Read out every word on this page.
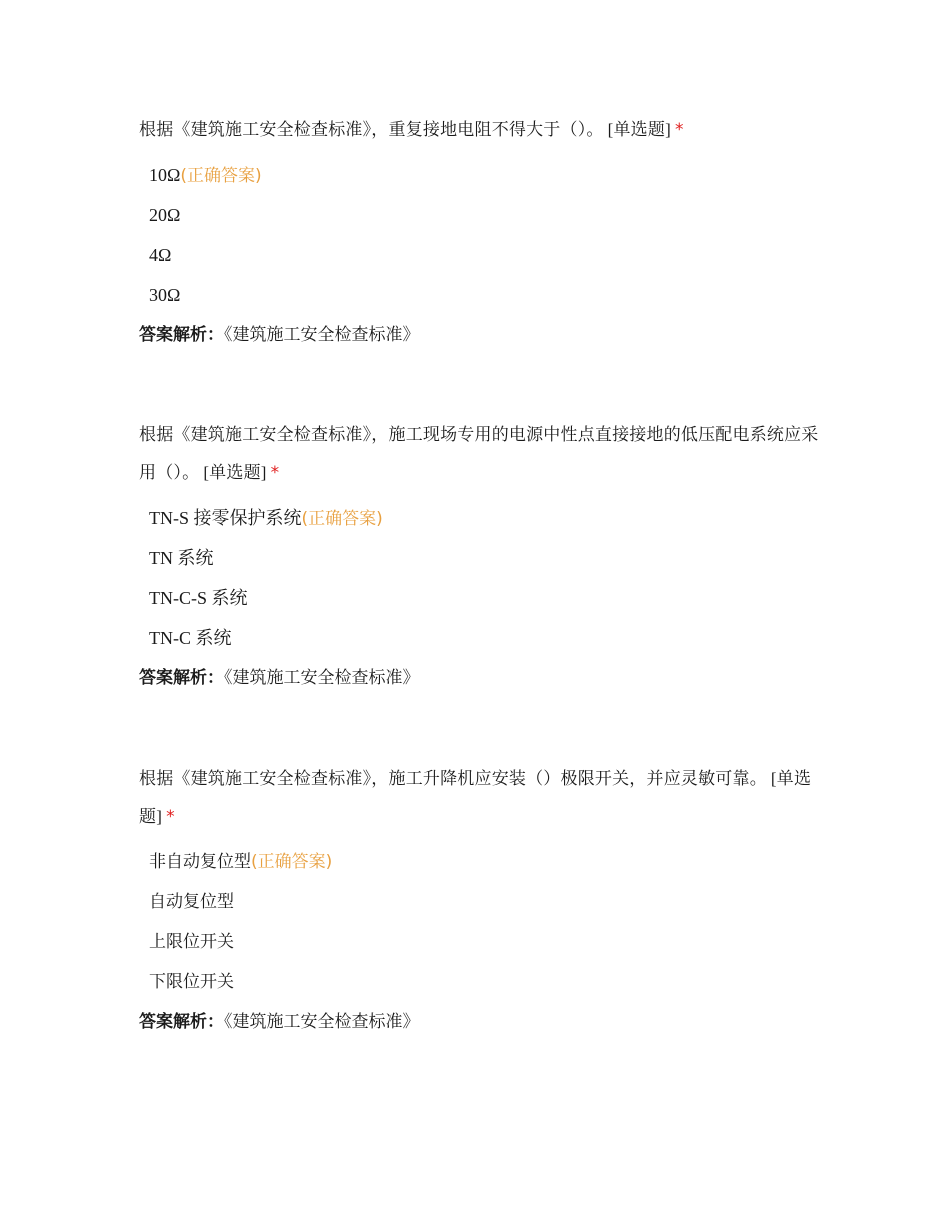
根据《建筑施工安全检查标准》，重复接地电阻不得大于（）。 [单选题] *

10Ω(正确答案)
20Ω
4Ω
30Ω
答案解析：《建筑施工安全检查标准》

根据《建筑施工安全检查标准》，施工现场专用的电源中性点直接接地的低压配电系统应采用（）。 [单选题] *

TN-S 接零保护系统(正确答案)
TN 系统
TN-C-S 系统
TN-C 系统
答案解析：《建筑施工安全检查标准》

根据《建筑施工安全检查标准》，施工升降机应安装（）极限开关，并应灵敏可靠。 [单选题] *

非自动复位型(正确答案)
自动复位型
上限位开关
下限位开关
答案解析：《建筑施工安全检查标准》
